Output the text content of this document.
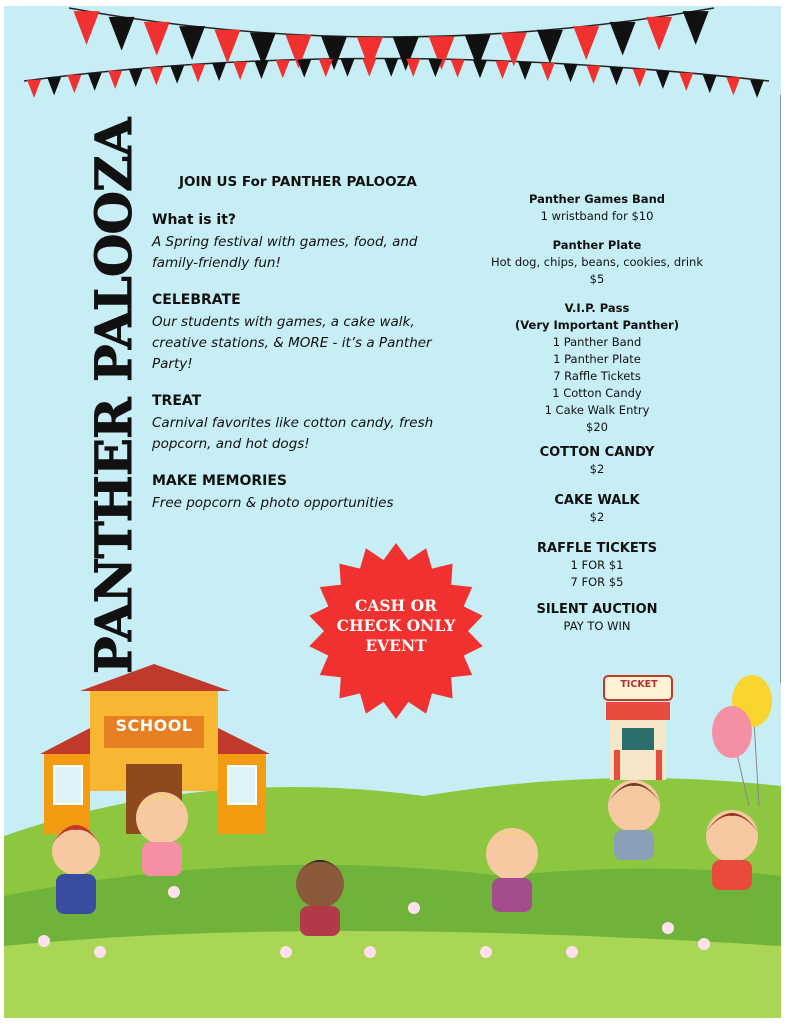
PANTHER PALOOZA	JOIN US For PANTHER PALOOZA
What is it?
A Spring festival with games, food, and family-friendly fun!
CELEBRATE
Our students with games, a cake walk, creative stations, & MORE - it’s a Panther Party!
TREAT
Carnival favorites like cotton candy, fresh popcorn, and hot dogs!
MAKE MEMORIES
Free popcorn & photo opportunities
Panther Games Band
1 wristband for $10
Panther Plate
Hot dog, chips, beans, cookies, drink
$5
V.I.P. Pass
(Very Important Panther)
1 Panther Band
1 Panther Plate
7 Raffle Tickets
1 Cotton Candy
1 Cake Walk Entry
$20
COTTON CANDY
$2
CAKE WALK
$2
RAFFLE TICKETS
1 FOR $1
7 FOR $5
SILENT AUCTION
PAY TO WIN
CASH OR
CHECK ONLY
EVENT
SCHOOL
TICKET
